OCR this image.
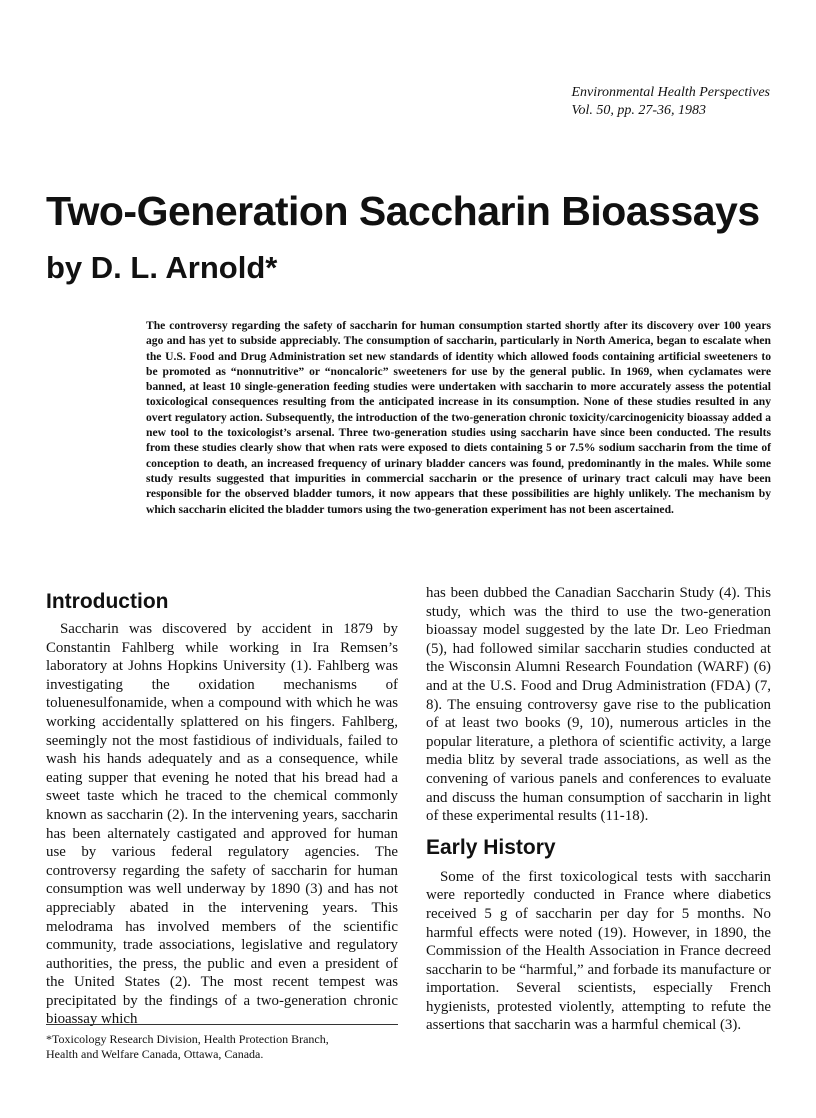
Environmental Health Perspectives
Vol. 50, pp. 27-36, 1983
Two-Generation Saccharin Bioassays
by D. L. Arnold*

The controversy regarding the safety of saccharin for human consumption started shortly after its discovery over 100 years ago and has yet to subside appreciably. The consumption of saccharin, particularly in North America, began to escalate when the U.S. Food and Drug Administration set new standards of identity which allowed foods containing artificial sweeteners to be promoted as “nonnutritive” or “noncaloric” sweeteners for use by the general public. In 1969, when cyclamates were banned, at least 10 single-generation feeding studies were undertaken with saccharin to more accurately assess the potential toxicological consequences resulting from the anticipated increase in its consumption. None of these studies resulted in any overt regulatory action. Subsequently, the introduction of the two-generation chronic toxicity/carcinogenicity bioassay added a new tool to the toxicologist’s arsenal. Three two-generation studies using saccharin have since been conducted. The results from these studies clearly show that when rats were exposed to diets containing 5 or 7.5% sodium saccharin from the time of conception to death, an increased frequency of urinary bladder cancers was found, predominantly in the males. While some study results suggested that impurities in commercial saccharin or the presence of urinary tract calculi may have been responsible for the observed bladder tumors, it now appears that these possibilities are highly unlikely. The mechanism by which saccharin elicited the bladder tumors using the two-generation experiment has not been ascertained.

Introduction

Saccharin was discovered by accident in 1879 by Constantin Fahlberg while working in Ira Remsen’s laboratory at Johns Hopkins University (1). Fahlberg was investigating the oxidation mechanisms of toluenesulfonamide, when a compound with which he was working accidentally splattered on his fingers. Fahlberg, seemingly not the most fastidious of individuals, failed to wash his hands adequately and as a consequence, while eating supper that evening he noted that his bread had a sweet taste which he traced to the chemical commonly known as saccharin (2). In the intervening years, saccharin has been alternately castigated and approved for human use by various federal regulatory agencies. The controversy regarding the safety of saccharin for human consumption was well underway by 1890 (3) and has not appreciably abated in the intervening years. This melodrama has involved members of the scientific community, trade associations, legislative and regulatory authorities, the press, the public and even a president of the United States (2). The most recent tempest was precipitated by the findings of a two-generation chronic bioassay which

has been dubbed the Canadian Saccharin Study (4). This study, which was the third to use the two-generation bioassay model suggested by the late Dr. Leo Friedman (5), had followed similar saccharin studies conducted at the Wisconsin Alumni Research Foundation (WARF) (6) and at the U.S. Food and Drug Administration (FDA) (7, 8). The ensuing controversy gave rise to the publication of at least two books (9, 10), numerous articles in the popular literature, a plethora of scientific activity, a large media blitz by several trade associations, as well as the convening of various panels and conferences to evaluate and discuss the human consumption of saccharin in light of these experimental results (11-18).

Early History

Some of the first toxicological tests with saccharin were reportedly conducted in France where diabetics received 5 g of saccharin per day for 5 months. No harmful effects were noted (19). However, in 1890, the Commission of the Health Association in France decreed saccharin to be “harmful,” and forbade its manufacture or importation. Several scientists, especially French hygienists, protested violently, attempting to refute the assertions that saccharin was a harmful chemical (3).

*Toxicology Research Division, Health Protection Branch,
Health and Welfare Canada, Ottawa, Canada.
